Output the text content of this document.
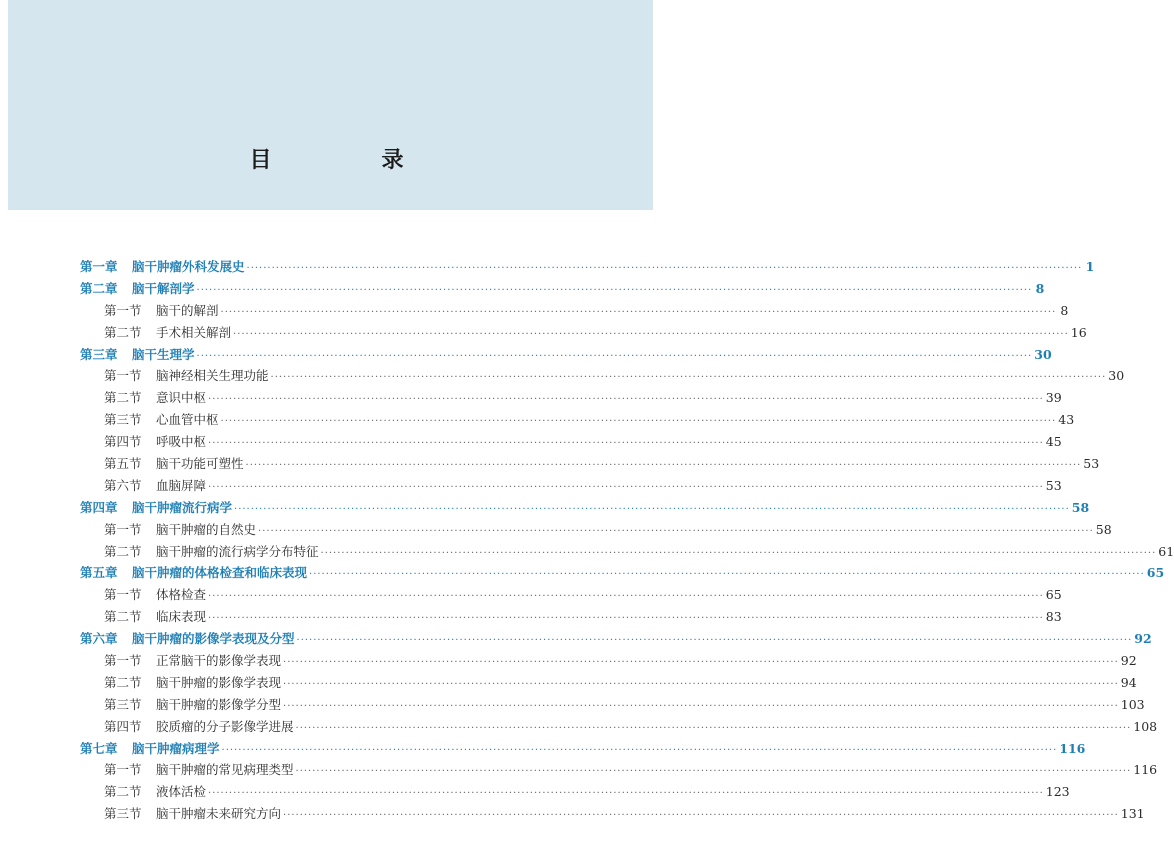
目　录
第一章	脑干肿瘤外科发展史 ········································································································································································································ 1
第二章	脑干解剖学 ········································································································································································································ 8
第一节	脑干的解剖 ········································································································································································································ 8
第二节	手术相关解剖 ········································································································································································································ 16
第三章	脑干生理学 ········································································································································································································ 30
第一节	脑神经相关生理功能 ········································································································································································································ 30
第二节	意识中枢 ········································································································································································································ 39
第三节	心血管中枢 ········································································································································································································ 43
第四节	呼吸中枢 ········································································································································································································ 45
第五节	脑干功能可塑性 ········································································································································································································ 53
第六节	血脑屏障 ········································································································································································································ 53
第四章	脑干肿瘤流行病学 ········································································································································································································ 58
第一节	脑干肿瘤的自然史 ········································································································································································································ 58
第二节	脑干肿瘤的流行病学分布特征 ········································································································································································································ 61
第五章	脑干肿瘤的体格检查和临床表现 ········································································································································································································ 65
第一节	体格检查 ········································································································································································································ 65
第二节	临床表现 ········································································································································································································ 83
第六章	脑干肿瘤的影像学表现及分型 ········································································································································································································ 92
第一节	正常脑干的影像学表现 ········································································································································································································ 92
第二节	脑干肿瘤的影像学表现 ········································································································································································································ 94
第三节	脑干肿瘤的影像学分型 ········································································································································································································ 103
第四节	胶质瘤的分子影像学进展 ········································································································································································································ 108
第七章	脑干肿瘤病理学 ········································································································································································································ 116
第一节	脑干肿瘤的常见病理类型 ········································································································································································································ 116
第二节	液体活检 ········································································································································································································ 123
第三节	脑干肿瘤未来研究方向 ········································································································································································································ 131
